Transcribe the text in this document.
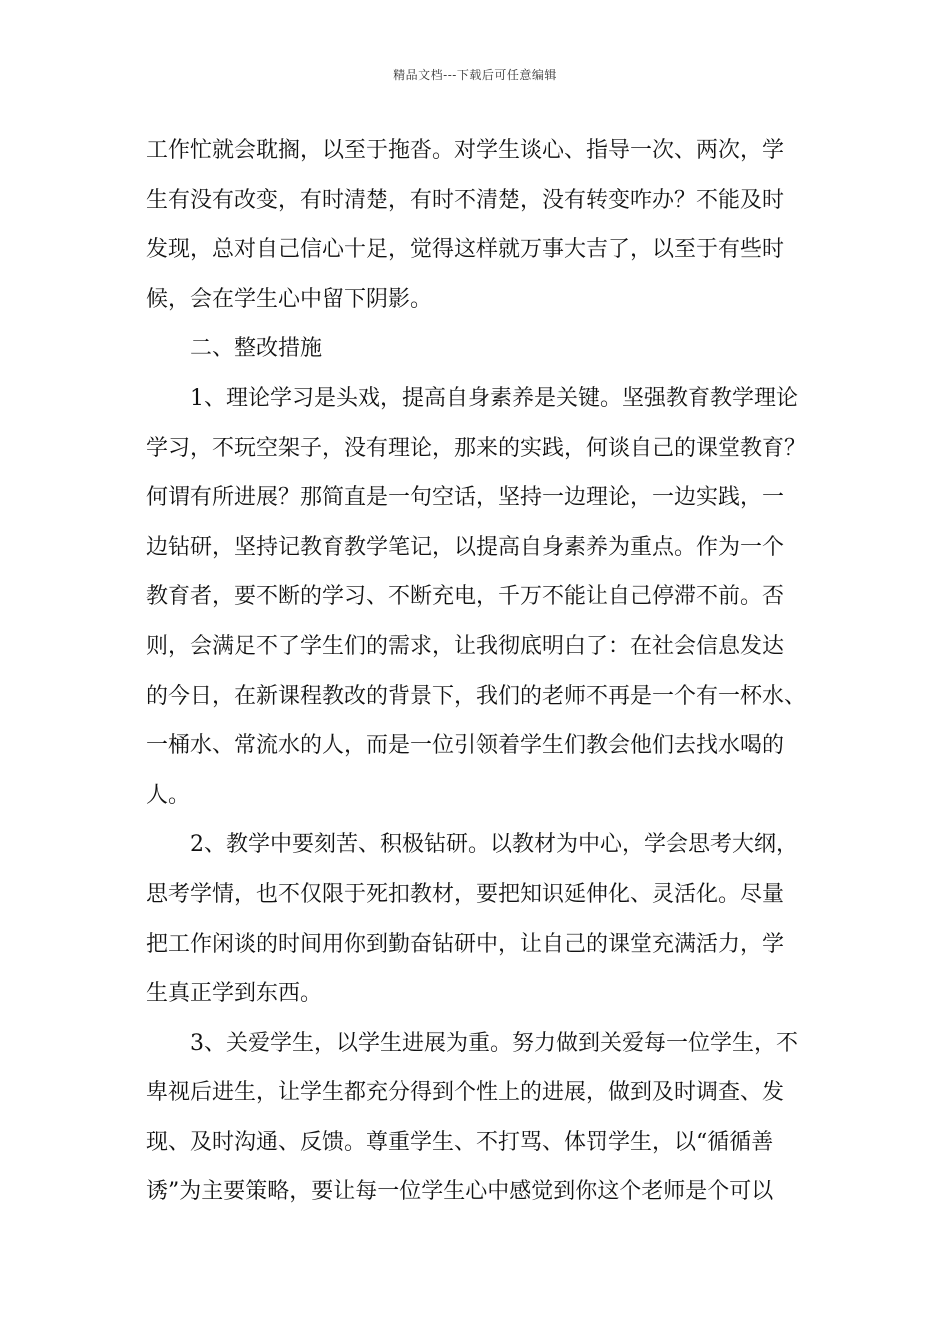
精品文档---下载后可任意编辑
工作忙就会耽搁，以至于拖沓。对学生谈心、指导一次、两次，学
生有没有改变，有时清楚，有时不清楚，没有转变咋办？不能及时
发现，总对自己信心十足，觉得这样就万事大吉了，以至于有些时
候，会在学生心中留下阴影。
二、整改措施
1、理论学习是头戏，提高自身素养是关键。坚强教育教学理论
学习，不玩空架子，没有理论，那来的实践，何谈自己的课堂教育？
何谓有所进展？那简直是一句空话，坚持一边理论，一边实践，一
边钻研，坚持记教育教学笔记，以提高自身素养为重点。作为一个
教育者，要不断的学习、不断充电，千万不能让自己停滞不前。否
则，会满足不了学生们的需求，让我彻底明白了：在社会信息发达
的今日，在新课程教改的背景下，我们的老师不再是一个有一杯水、
一桶水、常流水的人，而是一位引领着学生们教会他们去找水喝的
人。
2、教学中要刻苦、积极钻研。以教材为中心，学会思考大纲，
思考学情，也不仅限于死扣教材，要把知识延伸化、灵活化。尽量
把工作闲谈的时间用你到勤奋钻研中，让自己的课堂充满活力，学
生真正学到东西。
3、关爱学生，以学生进展为重。努力做到关爱每一位学生，不
卑视后进生，让学生都充分得到个性上的进展，做到及时调查、发
现、及时沟通、反馈。尊重学生、不打骂、体罚学生，以“循循善
诱”为主要策略，要让每一位学生心中感觉到你这个老师是个可以
